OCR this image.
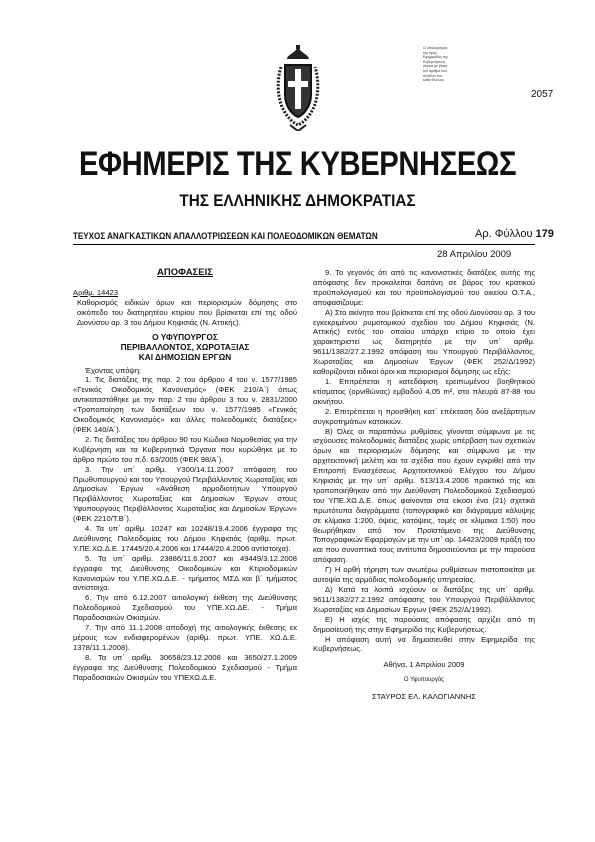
Ο υπολογισμός
της τιμής
Εφημερίδος της
Κυβερνήσεως
γίνεται με βάση
τον αριθμό των
σελίδων του
κάθε Φύλλου
2057
ΕΦΗΜΕΡΙΣ ΤΗΣ ΚΥΒΕΡΝΗΣΕΩΣ
ΤΗΣ ΕΛΛΗΝΙΚΗΣ ΔΗΜΟΚΡΑΤΙΑΣ
ΤΕΥΧΟΣ ΑΝΑΓΚΑΣΤΙΚΩΝ ΑΠΑΛΛΟΤΡΙΩΣΕΩΝ ΚΑΙ ΠΟΛΕΟΔΟΜΙΚΩΝ ΘΕΜΑΤΩΝ	Αρ. Φύλλου 179
28 Απριλίου 2009
ΑΠΟΦΑΣΕΙΣ
Αριθμ. 14423
Καθορισμός ειδικών όρων και περιορισμών δόμησης στο οικόπεδο του διατηρητέου κτιρίου που βρίσκεται επί της οδού Διονύσου αρ. 3 του Δήμου Κηφισιάς (Ν. Αττικής).
Ο ΥΦΥΠΟΥΡΓΟΣ
ΠΕΡΙΒΑΛΛΟΝΤΟΣ, ΧΩΡΟΤΑΞΙΑΣ
ΚΑΙ ΔΗΜΟΣΙΩΝ ΕΡΓΩΝ

Έχοντας υπόψη:

1. Τις διατάξεις της παρ. 2 του άρθρου 4 του ν. 1577/1985 «Γενικός Οικοδομικός Κανονισμός» (ΦΕΚ 210/Α΄) όπως αντικαταστάθηκε με την παρ. 2 του άρθρου 3 του ν. 2831/2000 «Τροποποίηση των διατάξεων του ν. 1577/1985 «Γενικός Οικοδομικός Κανονισμός» και άλλες πολεοδομικές διατάξεις» (ΦΕΚ 140/Α΄).

2. Τις διατάξεις του άρθρου 90 του Κώδικα Νομοθεσίας για την Κυβέρνηση και τα Κυβερνητικά Όργανα που κυρώθηκε με το άρθρο πρώτο του π.δ. 63/2005 (ΦΕΚ 98/Α΄).

3. Την υπ΄ αριθμ. Υ300/14.11.2007 απόφαση του Πρωθυπουργού και του Υπουργού Περιβάλλοντος Χωροταξίας και Δημοσίων Έργων «Ανάθεση αρμοδιοτήτων Υπουργού Περιβάλλοντος Χωροταξίας και Δημοσίων Έργων στους Υφυπουργούς Περιβάλλοντος Χωροταξίας και Δημοσίων Έργων» (ΦΕΚ 2210/Τ.Β΄).

4. Τα υπ΄ αριθμ. 10247 και 10248/19.4.2006 έγγραφα της Διεύθυνσης Πολεοδομίας του Δήμου Κηφισιάς (αριθμ. πρωτ. Υ.ΠΕ.ΧΩ.Δ.Ε. 17445/20.4.2006 και 17444/20.4.2006 αντίστοιχα).

5. Τα υπ΄ αριθμ. 23886/11.6.2007 και 49449/3.12.2008 έγγραφα της Διεύθυνσης Οικοδομικών και Κτιριοδομικών Κανονισμών του Υ.ΠΕ.ΧΩ.Δ.Ε. - τμήματος ΜΣΔ και β΄ τμήματος αντίστοιχα.

6. Την από 6.12.2007 αιτιολογική έκθεση της Διεύθυνσης Πολεοδομικού Σχεδιασμού του ΥΠΕ.ΧΩ.ΔΕ. - Τμήμα Παραδοσιακών Οικισμών.

7. Την από 11.1.2008 αποδοχή της αιτιολογικής έκθεσης εκ μέρους των ενδιαφερομένων (αριθμ. πρωτ. ΥΠΕ. ΧΩ.Δ.Ε. 1378/11.1.2008).

8. Τα υπ΄ αριθμ. 30658/23.12.2008 και 3650/27.1.2009 έγγραφα της Διεύθυνσης Πολεοδομικού Σχεδιασμού - Τμήμα Παραδοσιακών Οικισμών του ΥΠΕΧΩ.Δ.Ε.

9. Το γεγονός ότι από τις κανονιστικές διατάξεις αυτής της απόφασης δεν προκαλείται δαπάνη σε βάρος του κρατικού προϋπολογισμού και του προϋπολογισμού του οικείου Ο.Τ.Α., αποφασίζουμε:

Α) Στο ακίνητο που βρίσκεται επί της οδού Διονύσου αρ. 3 του εγκεκριμένου ρυμοτομικού σχεδίου του Δήμου Κηφισιάς (Ν. Αττικής) εντός του οποίου υπάρχει κτίριο το οποίο έχει χαρακτηριστεί ως διατηρητέο με την υπ΄ αριθμ. 9611/1382/27.2.1992 απόφαση του Υπουργού Περιβάλλοντος, Χωροταξίας και Δημοσίων Έργων (ΦΕΚ 252/Δ/1992) καθορίζονται ειδικοί όροι και περιορισμοί δόμησης ως εξής:

1. Επιτρέπεται η κατεδάφιση ερειπωμένου βοηθητικού κτίσματος (ορνιθώνας) εμβαδού 4,05 m², στο πλευρά 87-88 του ακινήτου.

2. Επιτρέπεται η προσθήκη κατ΄ επέκταση δύο ανεξάρτητων συγκροτημάτων κατοικιών.

Β) Όλες οι παραπάνω ρυθμίσεις γίνονται σύμφωνα με τις ισχύουσες πολεοδομικές διατάξεις χωρίς υπέρβαση των σχετικών όρων και περιορισμών δόμησης και σύμφωνα με την αρχιτεκτονική μελέτη και τα σχέδια που έχουν εγκριθεί από την Επιτροπή Ενασχέσεως Αρχιτεκτονικού Ελέγχου του Δήμου Κηφισιάς με την υπ΄ αριθμ. 513/13.4.2006 πρακτικό της και τροποποιήθηκαν από την Διεύθυνση Πολεοδομικού Σχεδιασμού του ΥΠΕ.ΧΩ.Δ.Ε. όπως φαίνονται στα είκοσι ένα (21) σχετικά πρωτότυπα διαγράμματα (τοπογραφικό και διάγραμμα κάλυψης σε κλίμακα 1:200, όψεις, κατόψεις, τομές σε κλίμακα 1:50) που θεωρήθηκαν από τον Προϊστάμενο της Διεύθυνσης Τοπογραφικών Εφαρμογών με την υπ΄ αρ. 14423/2009 πράξη του και που συνοπτικά τους αντίτυπα δημοσιεύονται με την παρούσα απόφαση.

Γ) Η ορθή τήρηση των ανωτέρω ρυθμίσεων πιστοποιείται με αυτοψία της αρμόδιας πολεοδομικής υπηρεσίας.

Δ) Κατά τα λοιπά ισχύουν οι διατάξεις της υπ΄ αριθμ. 9611/1382/27.2.1992 απόφασης του Υπουργού Περιβάλλοντος Χωροταξίας και Δημοσίων Έργων (ΦΕΚ 252/Δ/1992).

Ε) Η ισχύς της παρούσας απόφασης αρχίζει από τη δημοσίευσή της στην Εφημερίδα της Κυβερνήσεως.

Η απόφαση αυτή να δημοσιευθεί στην Εφημερίδα της Κυβερνήσεως.

Αθήνα, 1 Απριλίου 2009

Ο Υφυπουργός

ΣΤΑΥΡΟΣ ΕΛ. ΚΑΛΟΓΙΑΝΝΗΣ
